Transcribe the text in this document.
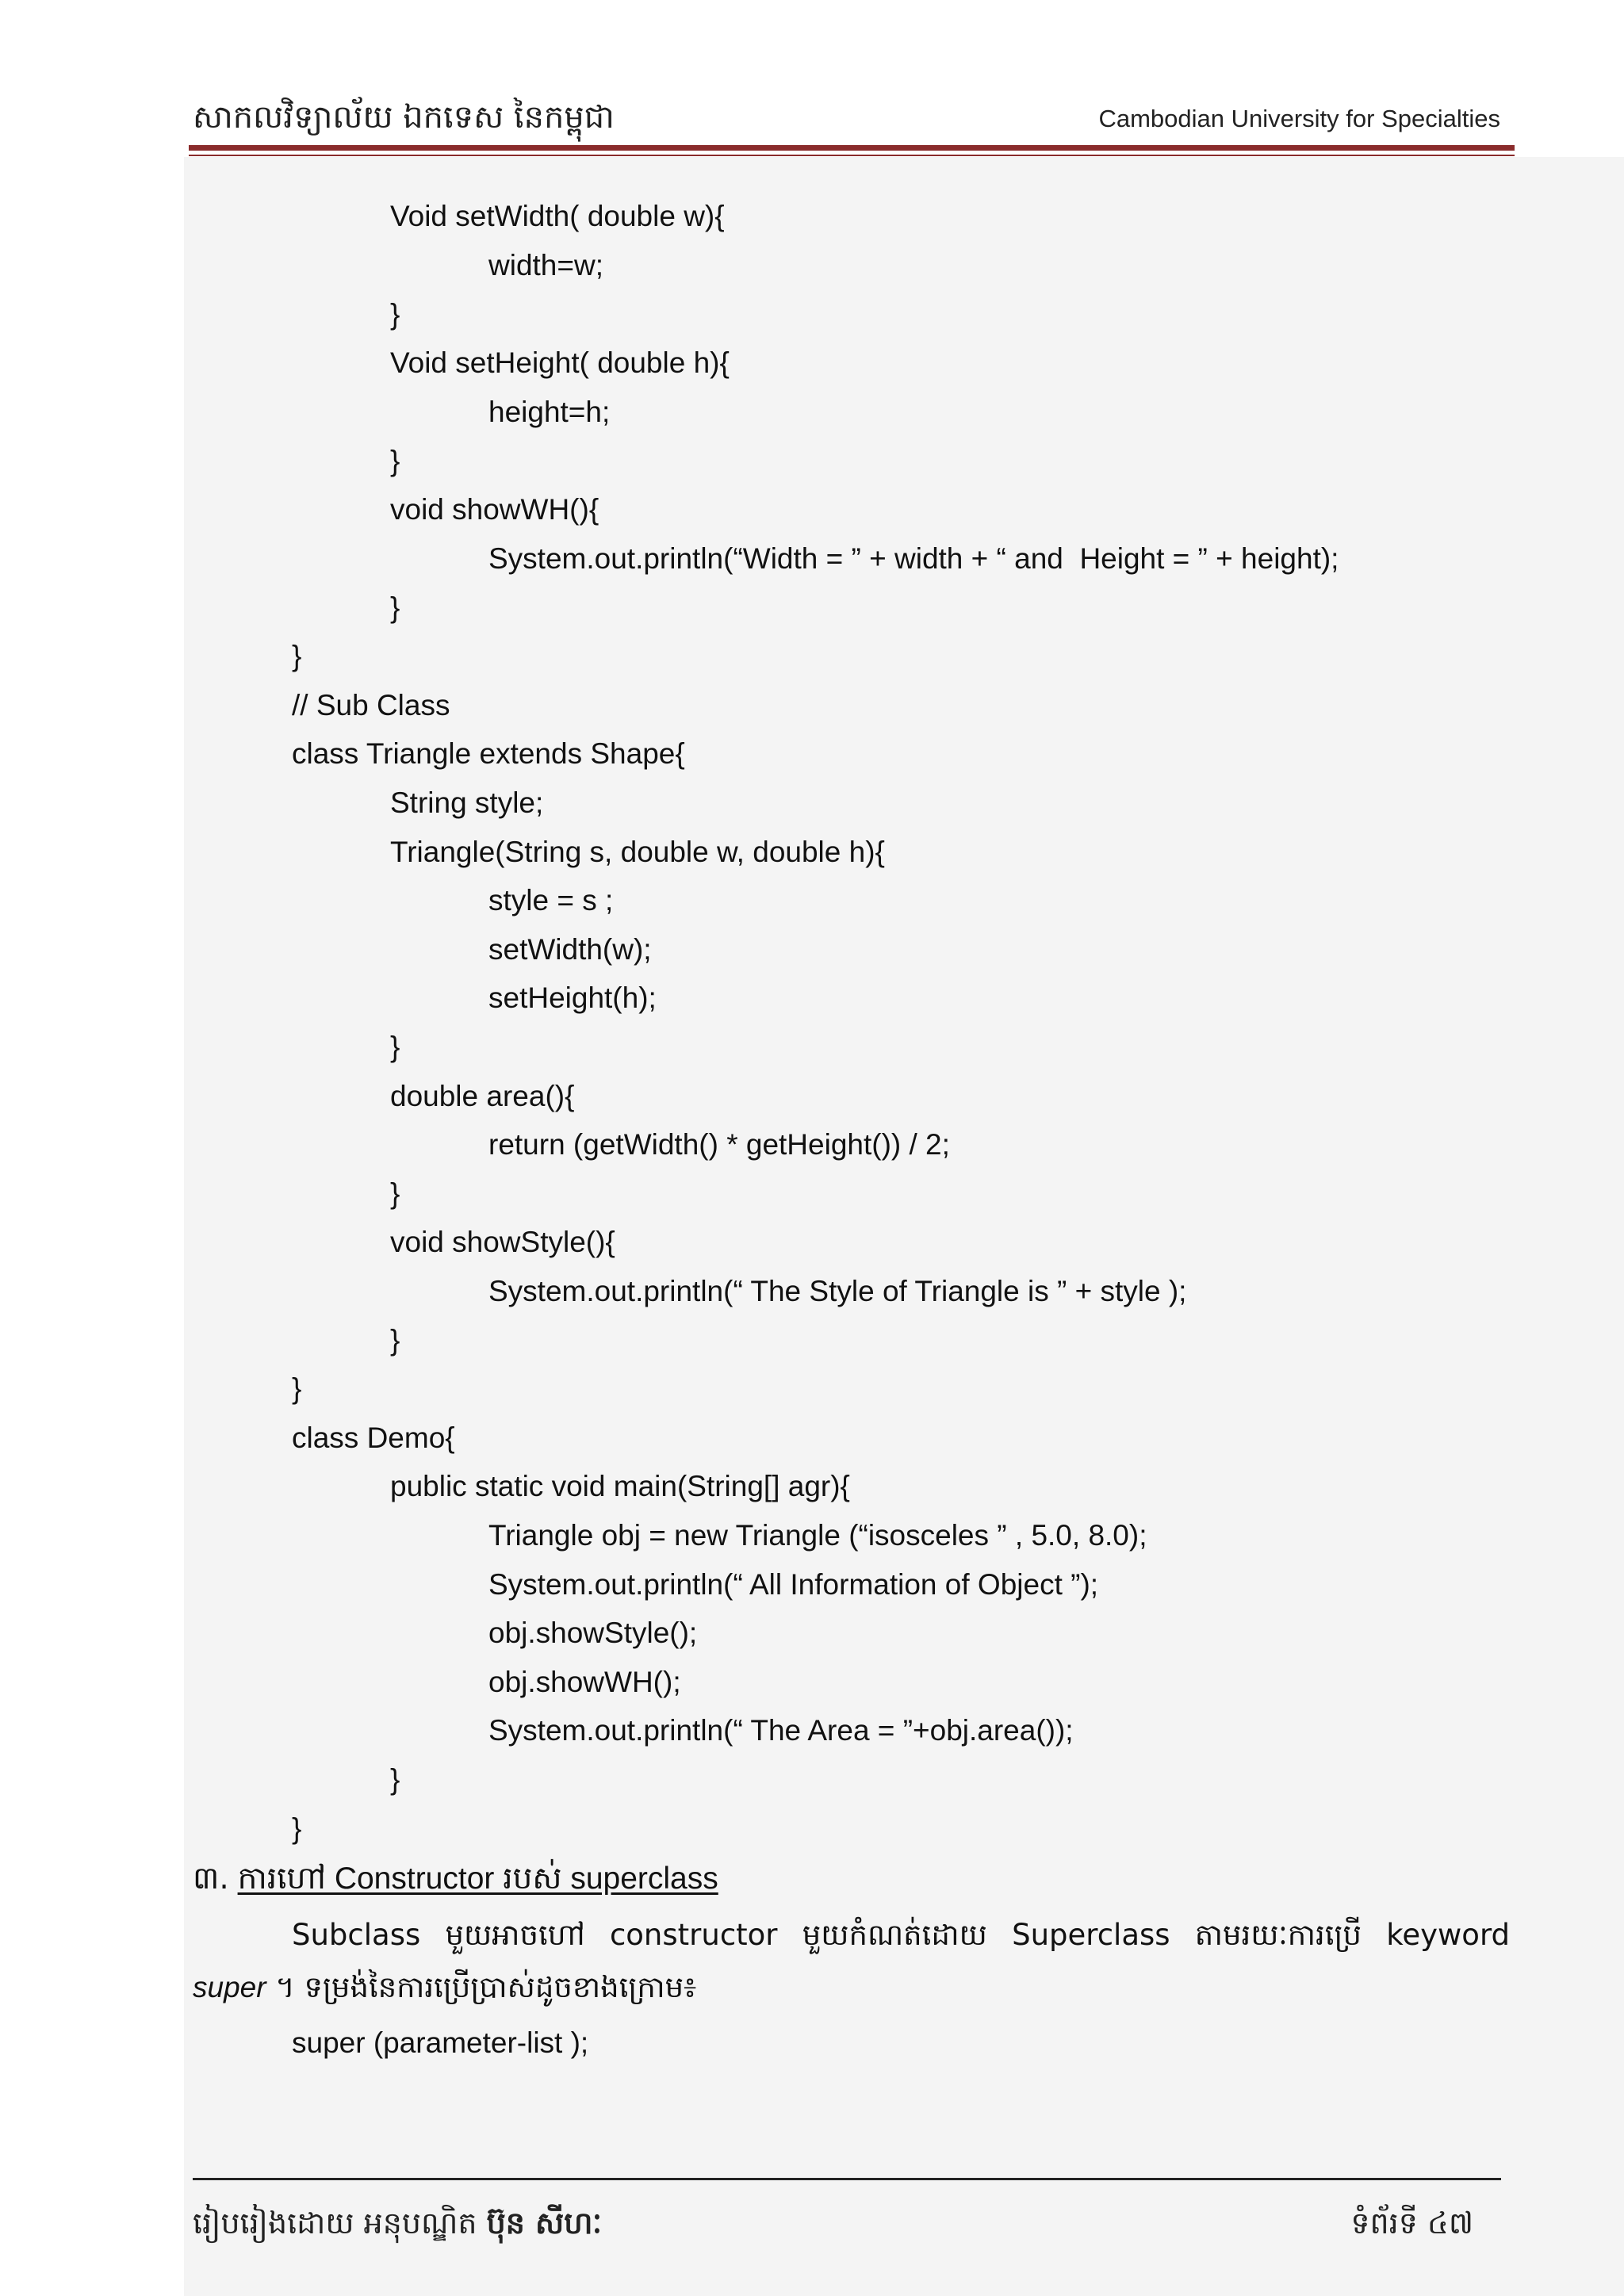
សាកលវិទ្យាល័យ ឯកទេស នៃកម្ពុជា	Cambodian University for Specialties
Void setWidth( double w){
width=w;
}
Void setHeight( double h){
height=h;
}
void showWH(){
System.out.println(“Width = ” + width + “ and  Height = ” + height);
}
}
// Sub Class
class Triangle extends Shape{
String style;
Triangle(String s, double w, double h){
style = s ;
setWidth(w);
setHeight(h);
}
double area(){
return (getWidth() * getHeight()) / 2;
}
void showStyle(){
System.out.println(“ The Style of Triangle is ” + style );
}
}
class Demo{
public static void main(String[] agr){
Triangle obj = new Triangle (“isosceles ” , 5.0, 8.0);
System.out.println(“ All Information of Object ”);
obj.showStyle();
obj.showWH();
System.out.println(“ The Area = ”+obj.area());
}
}
៣. ការហៅ Constructor របស់ superclass
Subclass មួយអាចហៅ constructor មួយកំណត់ដោយ Superclass តាមរយៈការប្រើ keyword
super ។ ទម្រង់នៃការប្រើប្រាស់ដូចខាងក្រោម៖
super (parameter-list );
រៀបរៀងដោយ អនុបណ្ឌិត ប៊ុន សីហៈ	ទំព័រទី ៤៧
